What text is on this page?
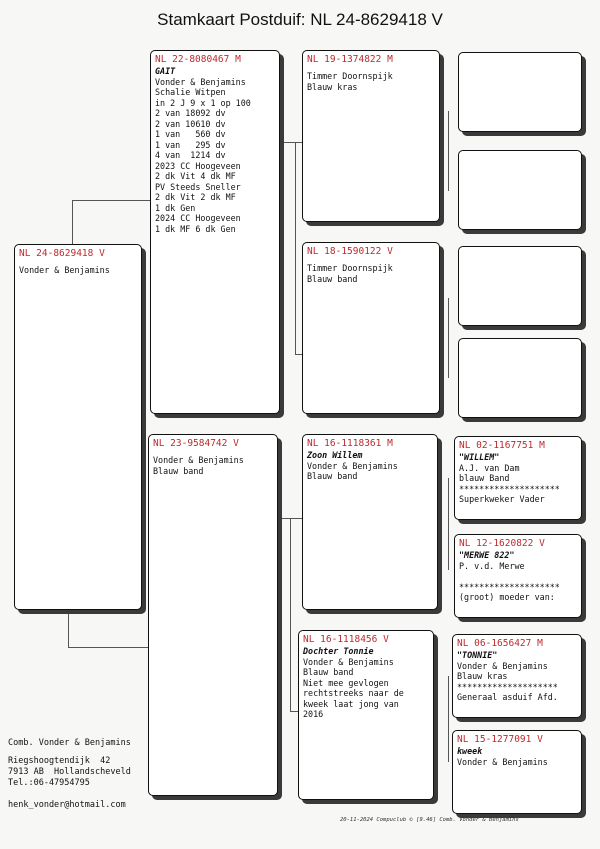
Stamkaart Postduif: NL 24-8629418 V
NL 24-8629418 V
Vonder & Benjamins
NL 22-8080467 M
GAIT
Vonder & Benjamins
Schalie Witpen
in 2 J 9 x 1 op 100
2 van 18092 dv
2 van 10610 dv
1 van   560 dv
1 van   295 dv
4 van  1214 dv
2023 CC Hoogeveen
2 dk Vit 4 dk MF
PV Steeds Sneller
2 dk Vit 2 dk MF
1 dk Gen
2024 CC Hoogeveen
1 dk MF 6 dk Gen
NL 23-9584742 V
Vonder & Benjamins
Blauw band
NL 19-1374822 M
Timmer Doornspijk
Blauw kras
NL 18-1590122 V
Timmer Doornspijk
Blauw band
NL 16-1118361 M
Zoon Willem
Vonder & Benjamins
Blauw band
NL 16-1118456 V
Dochter Tonnie
Vonder & Benjamins
Blauw band
Niet mee gevlogen
rechtstreeks naar de
kweek laat jong van
2016
NL 02-1167751 M
"WILLEM"
A.J. van Dam
blauw Band
********************
Superkweker Vader
NL 12-1620822 V
"MERWE 822"
P. v.d. Merwe
********************
(groot) moeder van:
NL 06-1656427 M
"TONNIE"
Vonder & Benjamins
Blauw kras
********************
Generaal asduif Afd.
NL 15-1277091 V
kweek
Vonder & Benjamins
Comb. Vonder & Benjamins
Riegshoogtendijk  42
7913 AB  Hollandscheveld
Tel.:06-47954795
henk_vonder@hotmail.com
20-11-2024 Compuclub © [9.46] Comb. Vonder & Benjamins
